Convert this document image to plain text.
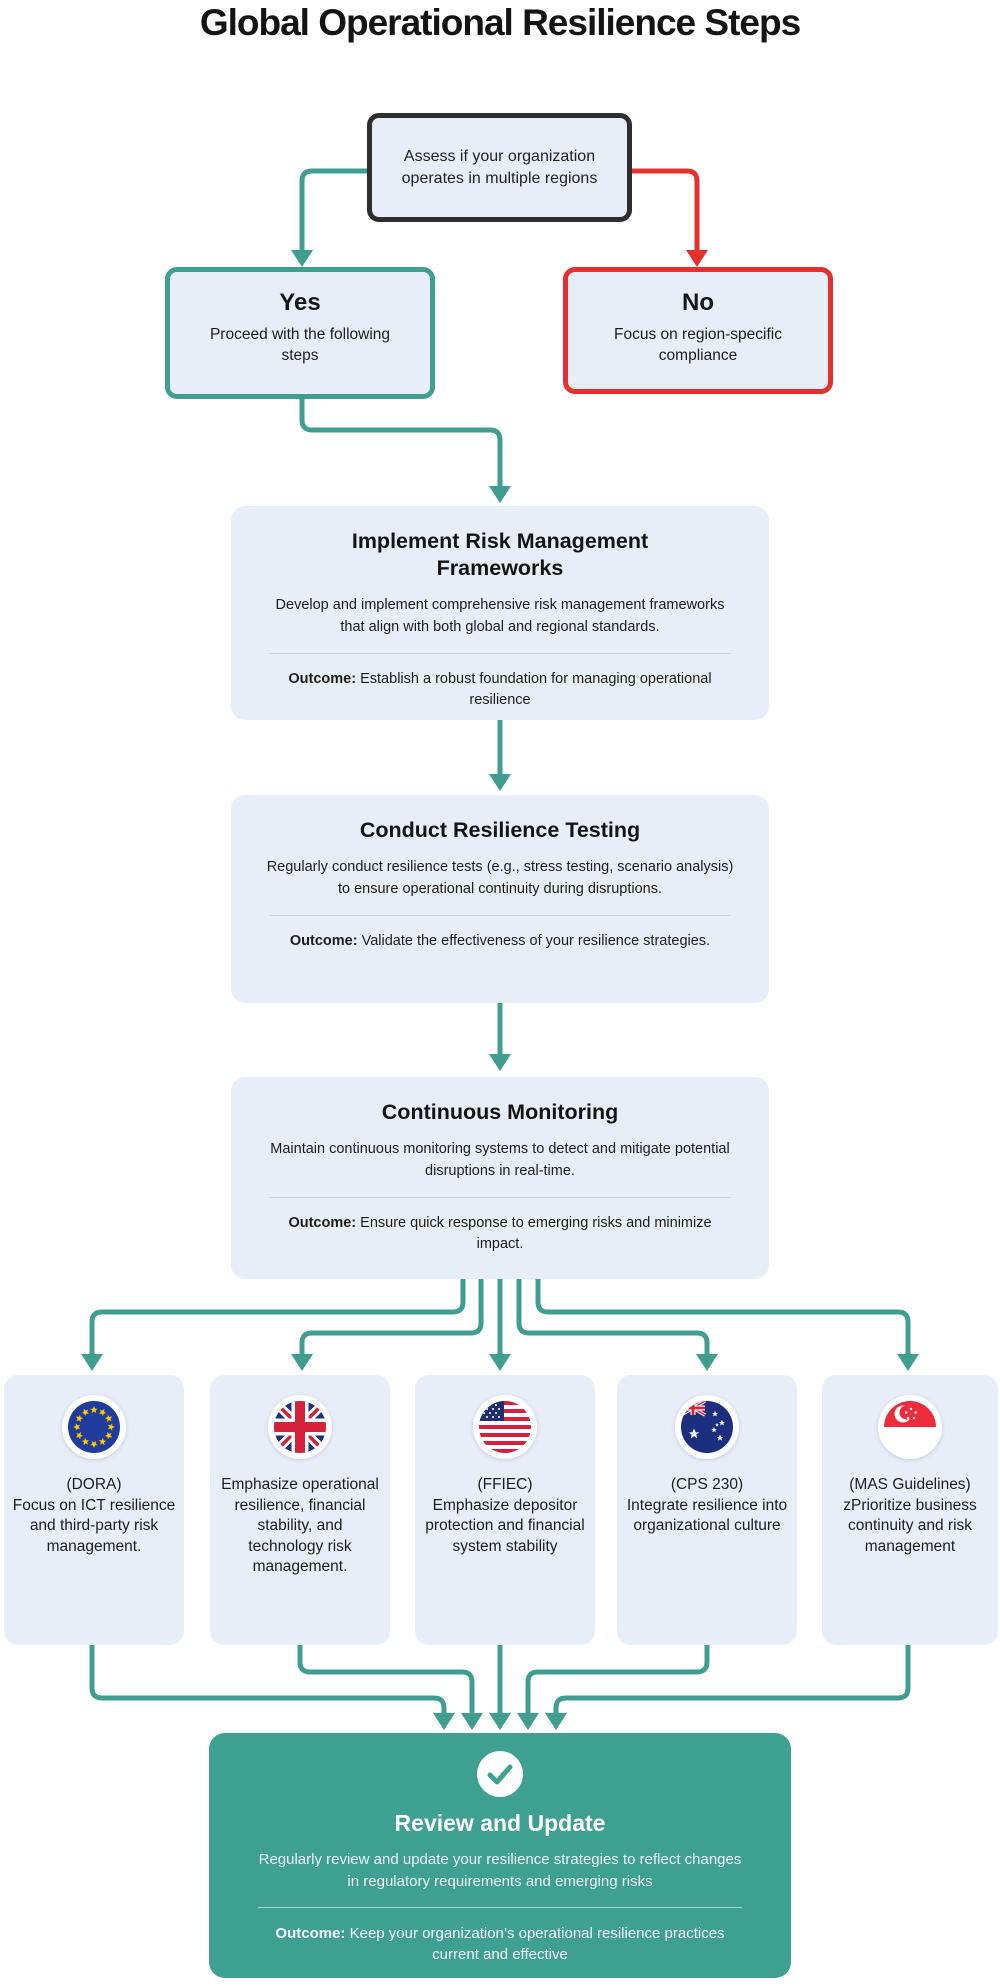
Global Operational Resilience Steps
Assess if your organization operates in multiple regions
Yes
Proceed with the following steps
No
Focus on region-specific compliance
Implement Risk Management Frameworks
Develop and implement comprehensive risk management frameworks that align with both global and regional standards.
Outcome: Establish a robust foundation for managing operational resilience
Conduct Resilience Testing
Regularly conduct resilience tests (e.g., stress testing, scenario analysis) to ensure operational continuity during disruptions.
Outcome: Validate the effectiveness of your resilience strategies.
Continuous Monitoring
Maintain continuous monitoring systems to detect and mitigate potential disruptions in real-time.
Outcome: Ensure quick response to emerging risks and minimize impact.
(DORA)
Focus on ICT resilience and third-party risk management.
Emphasize operational resilience, financial stability, and technology risk management.
(FFIEC)
Emphasize depositor protection and financial system stability
(CPS 230)
Integrate resilience into organizational culture
(MAS Guidelines)
zPrioritize business continuity and risk management
Review and Update
Regularly review and update your resilience strategies to reflect changes in regulatory requirements and emerging risks
Outcome: Keep your organization’s operational resilience practices current and effective
